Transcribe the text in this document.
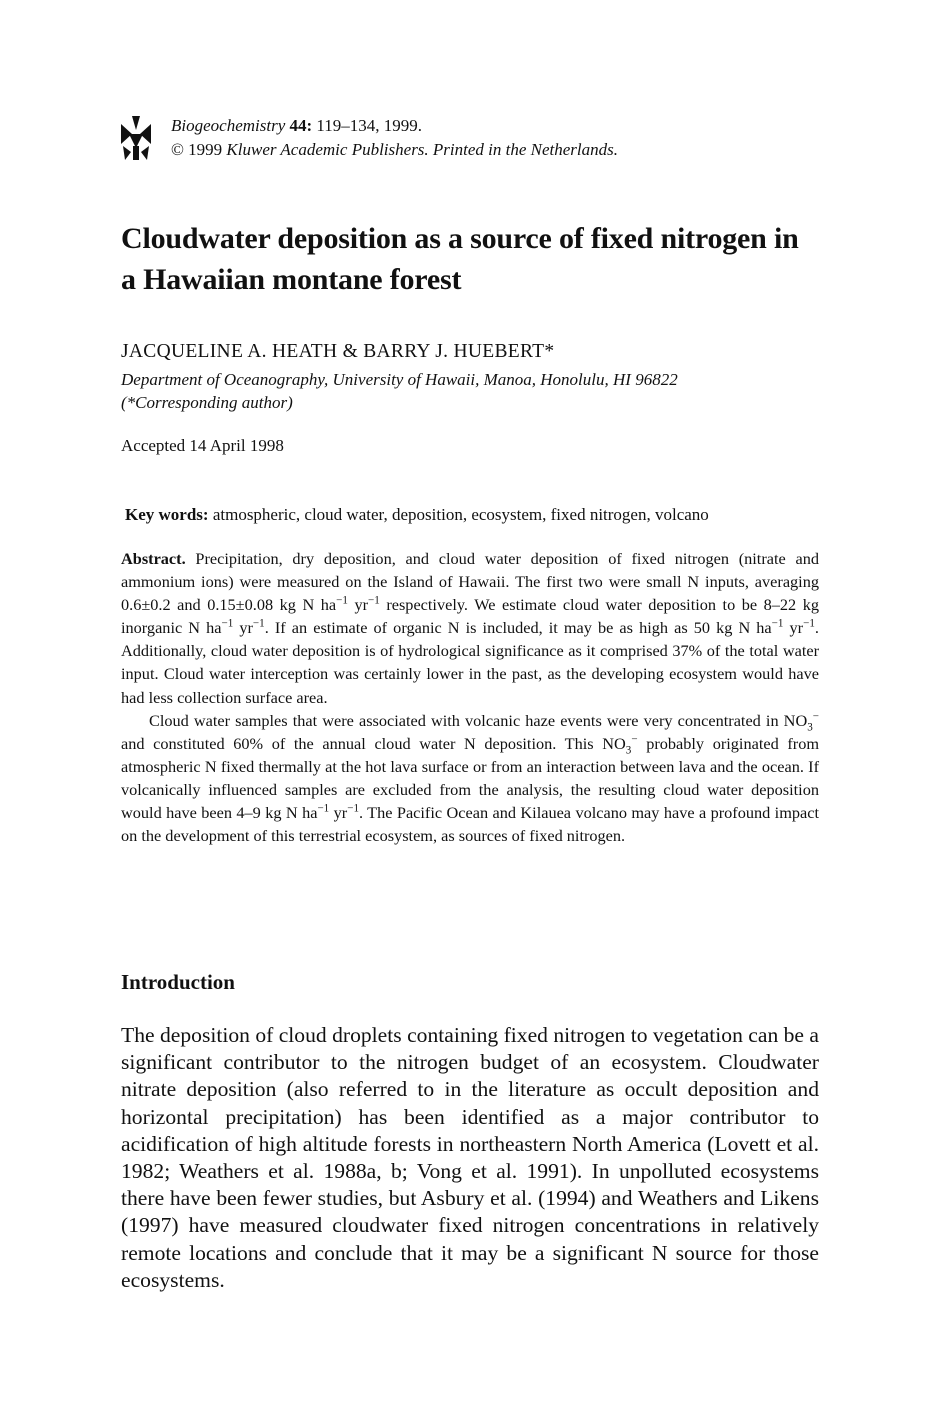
Biogeochemistry 44: 119–134, 1999.
© 1999 Kluwer Academic Publishers. Printed in the Netherlands.
Cloudwater deposition as a source of fixed nitrogen in
a Hawaiian montane forest
JACQUELINE A. HEATH & BARRY J. HUEBERT*
Department of Oceanography, University of Hawaii, Manoa, Honolulu, HI 96822
(*Corresponding author)
Accepted 14 April 1998
Key words: atmospheric, cloud water, deposition, ecosystem, fixed nitrogen, volcano

Abstract. Precipitation, dry deposition, and cloud water deposition of fixed nitrogen (nitrate and ammonium ions) were measured on the Island of Hawaii. The first two were small N inputs, averaging 0.6±0.2 and 0.15±0.08 kg N $ha^{-1}$ $yr^{-1}$ respectively. We estimate cloud water deposition to be 8–22 kg inorganic N $ha^{-1}$ $yr^{-1}$. If an estimate of organic N is included, it may be as high as 50 kg N $ha^{-1}$ $yr^{-1}$. Additionally, cloud water deposition is of hydrological significance as it comprised 37% of the total water input. Cloud water interception was certainly lower in the past, as the developing ecosystem would have had less collection surface area.

Cloud water samples that were associated with volcanic haze events were very concentrated in $NO_3^-$ and constituted 60% of the annual cloud water N deposition. This $NO_3^-$ probably originated from atmospheric N fixed thermally at the hot lava surface or from an interaction between lava and the ocean. If volcanically influenced samples are excluded from the analysis, the resulting cloud water deposition would have been 4–9 kg N $ha^{-1}$ $yr^{-1}$. The Pacific Ocean and Kilauea volcano may have a profound impact on the development of this terrestrial ecosystem, as sources of fixed nitrogen.

Introduction

The deposition of cloud droplets containing fixed nitrogen to vegetation can be a significant contributor to the nitrogen budget of an ecosystem. Cloudwater nitrate deposition (also referred to in the literature as occult deposition and horizontal precipitation) has been identified as a major contributor to acidification of high altitude forests in northeastern North America (Lovett et al. 1982; Weathers et al. 1988a, b; Vong et al. 1991). In unpolluted ecosystems there have been fewer studies, but Asbury et al. (1994) and Weathers and Likens (1997) have measured cloudwater fixed nitrogen concentrations in relatively remote locations and conclude that it may be a significant N source for those ecosystems.
